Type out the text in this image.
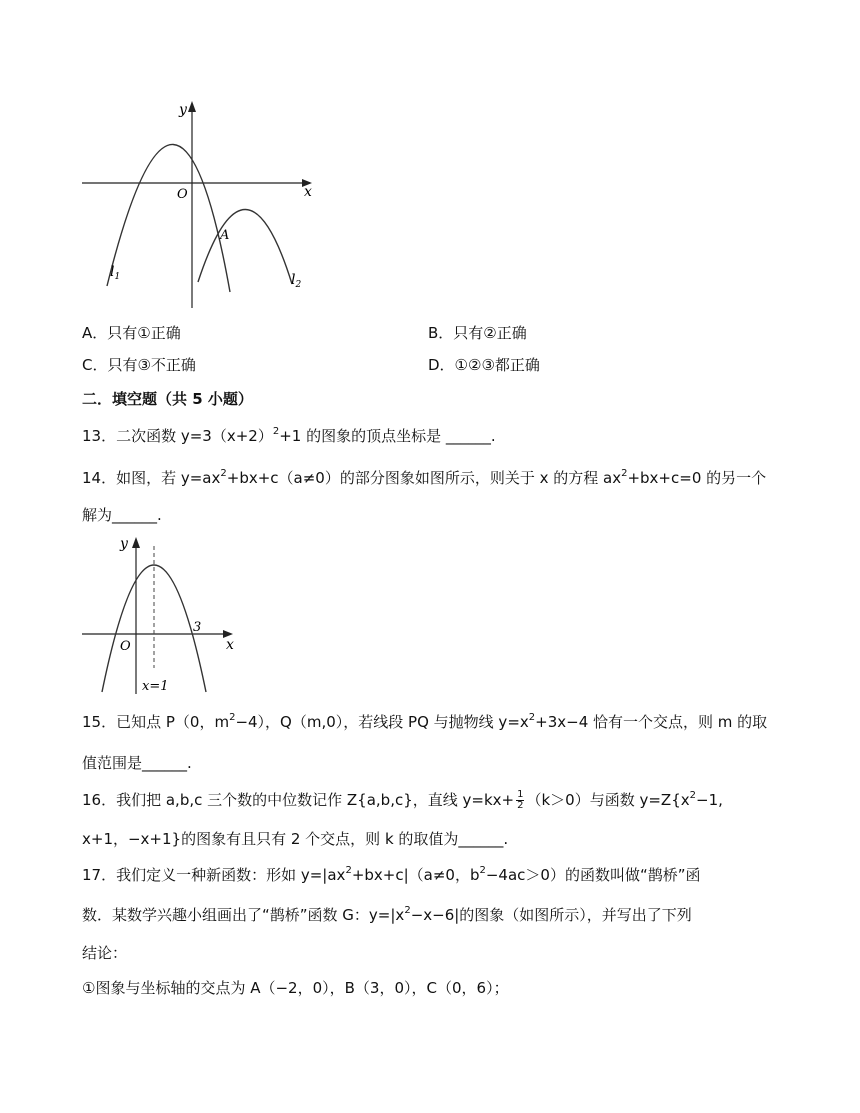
y
x
O
A
$l_1$	$l_2$
A．只有①正确	B．只有②正确
C．只有③不正确	D．①②③都正确
二．填空题（共 5 小题）
13．二次函数 $y=3(x+2)^2+1$ 的图象的顶点坐标是 ______.
14．如图，若 $y=ax^2+bx+c(a\ne 0)$的部分图象如图所示，则关于 x 的方程 $ax^2+bx+c=0$ 的另一个
解为______.
y
x
O
3
x=1
15．已知点 P（0，$m^2-4$），Q（m,0），若线段 PQ 与抛物线 $y=x^2+3x-4$ 恰有一个交点，则 m 的取
值范围是______.
16．我们把 a,b,c 三个数的中位数记作 Z{a,b,c}，直线 $y=kx+ \frac{1}{2} (k>0)$与函数 $y=Z\{x^2-1$,
x+1，−x+1}的图象有且只有 2 个交点，则 k 的取值为______.
17．我们定义一种新函数：形如 $y=|ax^2+bx+c|(a\ne 0$，$b^2-4ac>0$）的函数叫做“鹊桥”函
数．某数学兴趣小组画出了“鹊桥”函数 G：$y=|x^2-x-6|$的图象（如图所示），并写出了下列
结论：
①图象与坐标轴的交点为 A（−2，0），B（3，0），C（0，6）；
